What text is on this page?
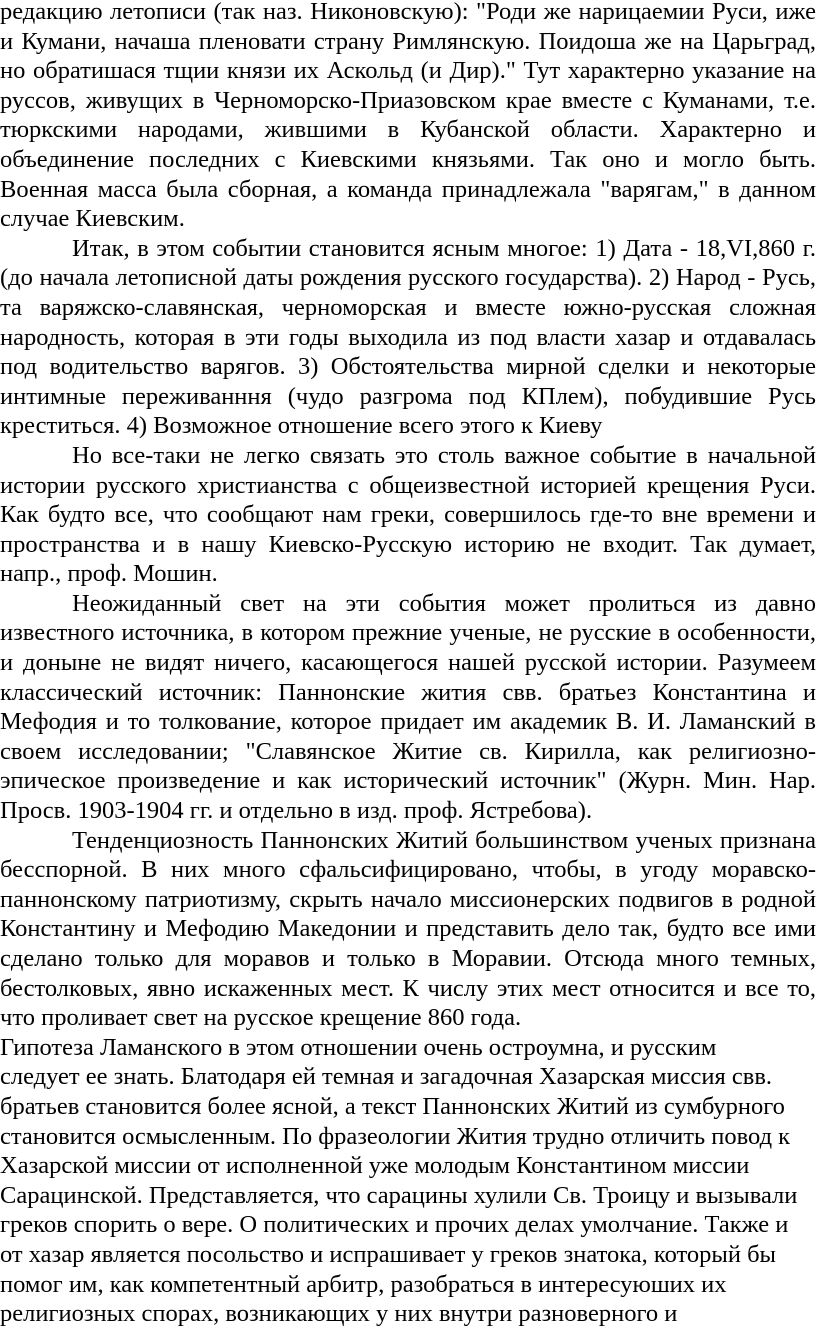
редакцию летописи (так наз. Никоновскую): "Роди же нарицаемии Руси, иже и Кумани, начаша пленовати страну Римлянскую. Поидоша же на Царьград, но обратишася тщии князи их Аскольд (и Дир)." Тут характерно указание на руссов, живущих в Черноморско-Приазовском крае вместе с Куманами, т.е. тюркскими народами, жившими в Кубанской области. Характерно и объединение последних с Киевскими князьями. Так оно и могло быть. Военная масса была сборная, а команда принадлежала "варягам," в данном случае Киевским.

Итак, в этом событии становится ясным многое: 1) Дата - 18,VI,860 г. (до начала летописной даты рождения русского государства). 2) Народ - Русь, та варяжско-славянская, черноморская и вместе южно-русская сложная народность, которая в эти годы выходила из под власти хазар и отдавалась под водительство варягов. 3) Обстоятельства мирной сделки и некоторые интимные переживанння (чудо разгрома под КПлем), побудившие Русь креститься. 4) Возможное отношение всего этого к Киеву

Но все-таки не легко связать это столь важное событие в начальной истории русского христианства с общеизвестной историей крещения Руси. Как будто все, что сообщают нам греки, совершилось где-то вне времени и пространства и в нашу Киевско-Русскую историю не входит. Так думает, напр., проф. Мошин.

Неожиданный свет на эти события может пролиться из давно известного источника, в котором прежние ученые, не русские в особенности, и доныне не видят ничего, касающегося нашей русской истории. Разумеем классический источник: Паннонские жития свв. братьез Константина и Мефодия и то толкование, которое придает им академик В. И. Ламанский в своем исследовании; "Славянское Житие св. Кирилла, как религиозно-эпическое произведение и как исторический источник" (Журн. Мин. Нар. Просв. 1903-1904 гг. и отдельно в изд. проф. Ястребова).

Тенденциозность Паннонских Житий большинством ученых признана бесспорной. В них много сфальсифицировано, чтобы, в угоду моравско-паннонскому патриотизму, скрыть начало миссионерских подвигов в родной Константину и Мефодию Македонии и представить дело так, будто все ими сделано только для моравов и только в Моравии. Отсюда много темных, бестолковых, явно искаженных мест. К числу этих мест относится и все то, что проливает свет на русское крещение 860 года.

Гипотеза Ламанского в этом отношении очень остроумна, и русским следует ее знать. Блатодаря ей темная и загадочная Хазарская миссия свв. братьев становится более ясной, а текст Паннонских Житий из сумбурного становится осмысленным. По фразеологии Жития трудно отличить повод к Хазарской миссии от исполненной уже молодым Константином миссии Сарацинской. Представляется, что сарацины хулили Св. Троицу и вызывали греков спорить о вере. О политических и прочих делах умолчание. Также и от хазар является посольство и испрашивает у греков знатока, который бы помог им, как компетентный арбитр, разобраться в интересуюших их религиозных спорах, возникающих у них внутри разноверного и
